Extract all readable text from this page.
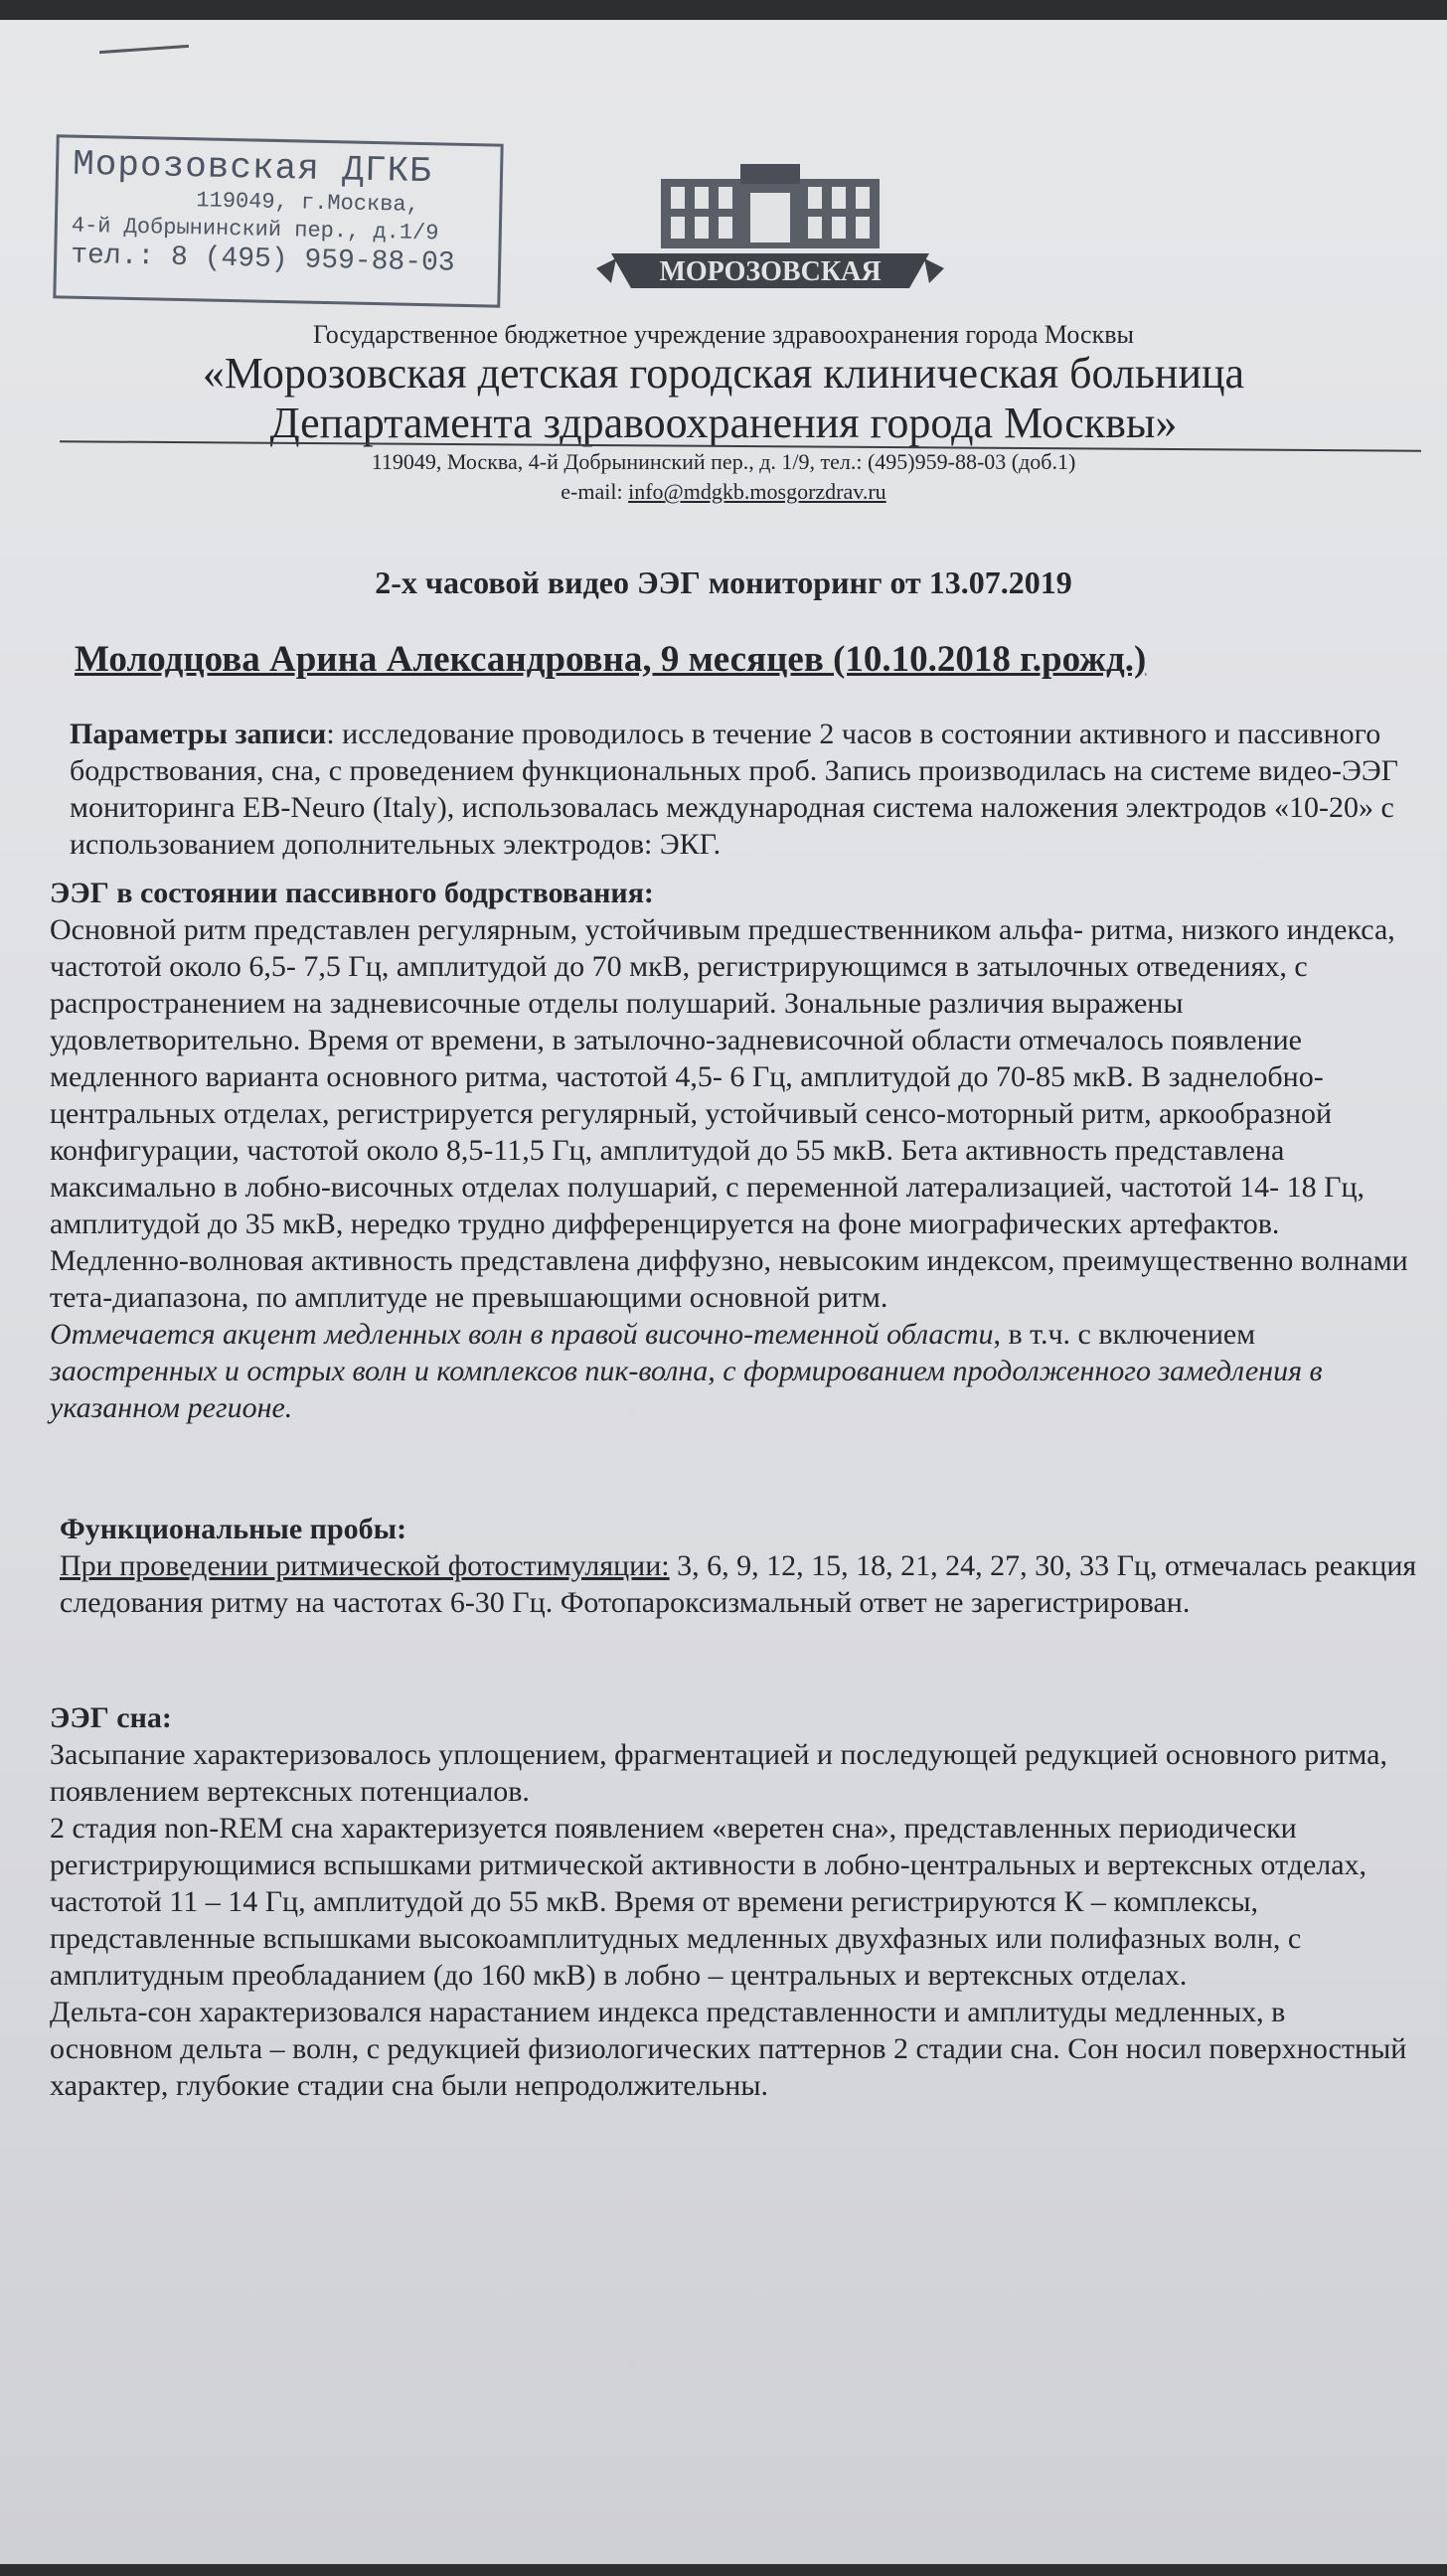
Морозовская ДГКБ
119049, г.Москва,
4-й Добрынинский пер., д.1/9
тел.: 8 (495) 959-88-03	МОРОЗОВСКАЯ
Государственное бюджетное учреждение здравоохранения города Москвы
«Морозовская детская городская клиническая больница
Департамента здравоохранения города Москвы»
119049, Москва, 4-й Добрынинский пер., д. 1/9, тел.: (495)959-88-03 (доб.1)
e-mail: info@mdgkb.mosgorzdrav.ru
2-х часовой видео ЭЭГ мониторинг от 13.07.2019
Молодцова Арина Александровна, 9 месяцев (10.10.2018 г.рожд.)

Параметры записи: исследование проводилось в течение 2 часов в состоянии активного и пассивного бодрствования, сна, с проведением функциональных проб. Запись производилась на системе видео-ЭЭГ мониторинга EB-Neuro (Italy), использовалась международная система наложения электродов «10-20» с использованием дополнительных электродов: ЭКГ.

ЭЭГ в состоянии пассивного бодрствования:

Основной ритм представлен регулярным, устойчивым предшественником альфа- ритма, низкого индекса, частотой около 6,5- 7,5 Гц, амплитудой до 70 мкВ, регистрирующимся в затылочных отведениях, с распространением на задневисочные отделы полушарий. Зональные различия выражены удовлетворительно. Время от времени, в затылочно-задневисочной области отмечалось появление медленного варианта основного ритма, частотой 4,5- 6 Гц, амплитудой до 70-85 мкВ. В заднелобно-центральных отделах, регистрируется регулярный, устойчивый сенсо-моторный ритм, аркообразной конфигурации, частотой около 8,5-11,5 Гц, амплитудой до 55 мкВ. Бета активность представлена максимально в лобно-височных отделах полушарий, с переменной латерализацией, частотой 14- 18 Гц, амплитудой до 35 мкВ, нередко трудно дифференцируется на фоне миографических артефактов. Медленно-волновая активность представлена диффузно, невысоким индексом, преимущественно волнами тета-диапазона, по амплитуде не превышающими основной ритм.

Отмечается акцент медленных волн в правой височно-теменной области, в т.ч. с включением заостренных и острых волн и комплексов пик-волна, с формированием продолженного замедления в указанном регионе.

Функциональные пробы:

При проведении ритмической фотостимуляции: 3, 6, 9, 12, 15, 18, 21, 24, 27, 30, 33 Гц, отмечалась реакция следования ритму на частотах 6-30 Гц. Фотопароксизмальный ответ не зарегистрирован.

ЭЭГ сна:

Засыпание характеризовалось уплощением, фрагментацией и последующей редукцией основного ритма, появлением вертексных потенциалов.

2 стадия non-REM сна характеризуется появлением «веретен сна», представленных периодически регистрирующимися вспышками ритмической активности в лобно-центральных и вертексных отделах, частотой 11 – 14 Гц, амплитудой до 55 мкВ. Время от времени регистрируются К – комплексы, представленные вспышками высокоамплитудных медленных двухфазных или полифазных волн, с амплитудным преобладанием (до 160 мкВ) в лобно – центральных и вертексных отделах.

Дельта-сон характеризовался нарастанием индекса представленности и амплитуды медленных, в основном дельта – волн, с редукцией физиологических паттернов 2 стадии сна. Сон носил поверхностный характер, глубокие стадии сна были непродолжительны.
